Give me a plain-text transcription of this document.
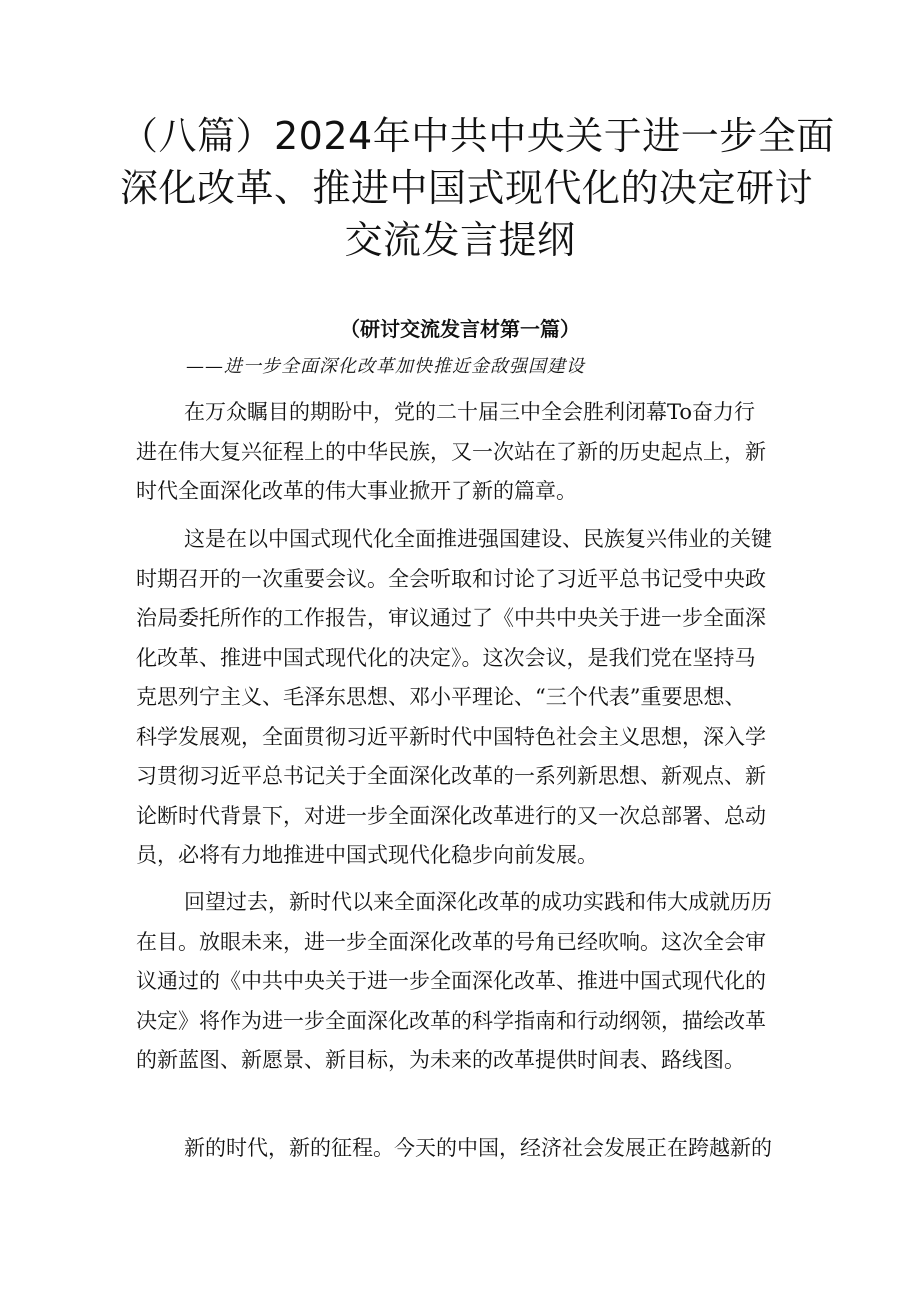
（八篇）2024年中共中央关于进一步全面
深化改革、推进中国式现代化的决定研讨
交流发言提纲

（研讨交流发言材第一篇）

——进一步全面深化改革加快推近金敌强国建设

在万众瞩目的期盼中，党的二十届三中全会胜利闭幕To奋力行
进在伟大复兴征程上的中华民族，又一次站在了新的历史起点上，新
时代全面深化改革的伟大事业掀开了新的篇章。
这是在以中国式现代化全面推进强国建设、民族复兴伟业的关键
时期召开的一次重要会议。全会听取和讨论了习近平总书记受中央政
治局委托所作的工作报告，审议通过了《中共中央关于进一步全面深
化改革、推进中国式现代化的决定》。这次会议，是我们党在坚持马
克思列宁主义、毛泽东思想、邓小平理论、“三个代表”重要思想、
科学发展观，全面贯彻习近平新时代中国特色社会主义思想，深入学
习贯彻习近平总书记关于全面深化改革的一系列新思想、新观点、新
论断时代背景下，对进一步全面深化改革进行的又一次总部署、总动
员，必将有力地推进中国式现代化稳步向前发展。
回望过去，新时代以来全面深化改革的成功实践和伟大成就历历
在目。放眼未来，进一步全面深化改革的号角已经吹响。这次全会审
议通过的《中共中央关于进一步全面深化改革、推进中国式现代化的
决定》将作为进一步全面深化改革的科学指南和行动纲领，描绘改革
的新蓝图、新愿景、新目标，为未来的改革提供时间表、路线图。
新的时代，新的征程。今天的中国，经济社会发展正在跨越新的
